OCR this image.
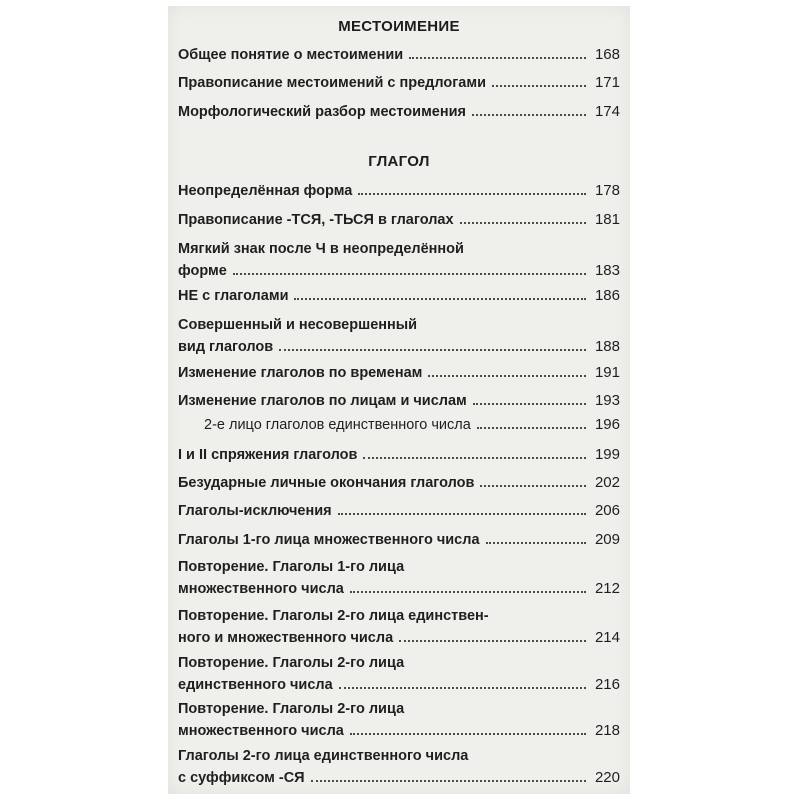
МЕСТОИМЕНИЕ
Общее понятие о местоимении	168
Правописание местоимений с предлогами	171
Морфологический разбор местоимения	174
ГЛАГОЛ
Неопределённая форма	178
Правописание -ТСЯ, -ТЬСЯ в глаголах	181
Мягкий знак после Ч в неопределённой
форме	183
НЕ с глаголами	186
Совершенный и несовершенный
вид глаголов	188
Изменение глаголов по временам	191
Изменение глаголов по лицам и числам	193
2-е лицо глаголов единственного числа	196
I и II спряжения глаголов	199
Безударные личные окончания глаголов	202
Глаголы-исключения	206
Глаголы 1-го лица множественного числа	209
Повторение. Глаголы 1-го лица
множественного числа	212
Повторение. Глаголы 2-го лица единствен-
ного и множественного числа	214
Повторение. Глаголы 2-го лица
единственного числа	216
Повторение. Глаголы 2-го лица
множественного числа	218
Глаголы 2-го лица единственного числа
с суффиксом -СЯ	220
